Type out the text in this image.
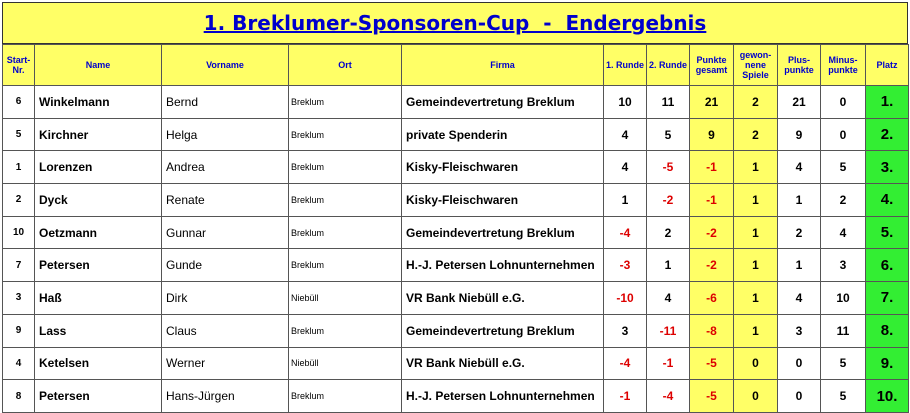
1. Breklumer-Sponsoren-Cup  -  Endergebnis
Start-Nr.	Name	Vorname	Ort	Firma	1. Runde	2. Runde	Punkte gesamt	gewon-nene Spiele	Plus-punkte	Minus-punkte	Platz
6	Winkelmann	Bernd	Breklum	Gemeindevertretung Breklum	10	11	21	2	21	0	1.
5	Kirchner	Helga	Breklum	private Spenderin	4	5	9	2	9	0	2.
1	Lorenzen	Andrea	Breklum	Kisky-Fleischwaren	4	-5	-1	1	4	5	3.
2	Dyck	Renate	Breklum	Kisky-Fleischwaren	1	-2	-1	1	1	2	4.
10	Oetzmann	Gunnar	Breklum	Gemeindevertretung Breklum	-4	2	-2	1	2	4	5.
7	Petersen	Gunde	Breklum	H.-J. Petersen Lohnunternehmen	-3	1	-2	1	1	3	6.
3	Haß	Dirk	Niebüll	VR Bank Niebüll e.G.	-10	4	-6	1	4	10	7.
9	Lass	Claus	Breklum	Gemeindevertretung Breklum	3	-11	-8	1	3	11	8.
4	Ketelsen	Werner	Niebüll	VR Bank Niebüll e.G.	-4	-1	-5	0	0	5	9.
8	Petersen	Hans-Jürgen	Breklum	H.-J. Petersen Lohnunternehmen	-1	-4	-5	0	0	5	10.
